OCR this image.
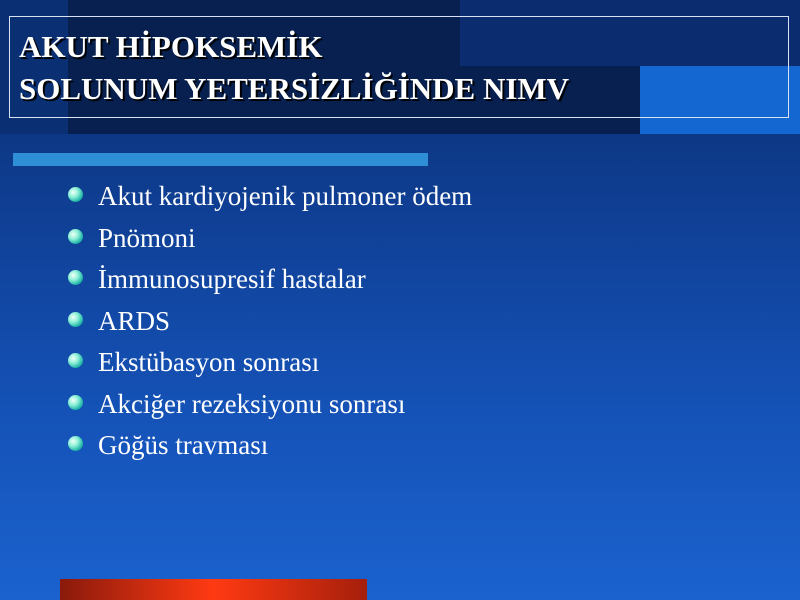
AKUT HİPOKSEMİK
SOLUNUM YETERSİZLİĞİNDE NIMV
Akut kardiyojenik pulmoner ödem
Pnömoni
İmmunosupresif hastalar
ARDS
Ekstübasyon sonrası
Akciğer rezeksiyonu sonrası
Göğüs travması
